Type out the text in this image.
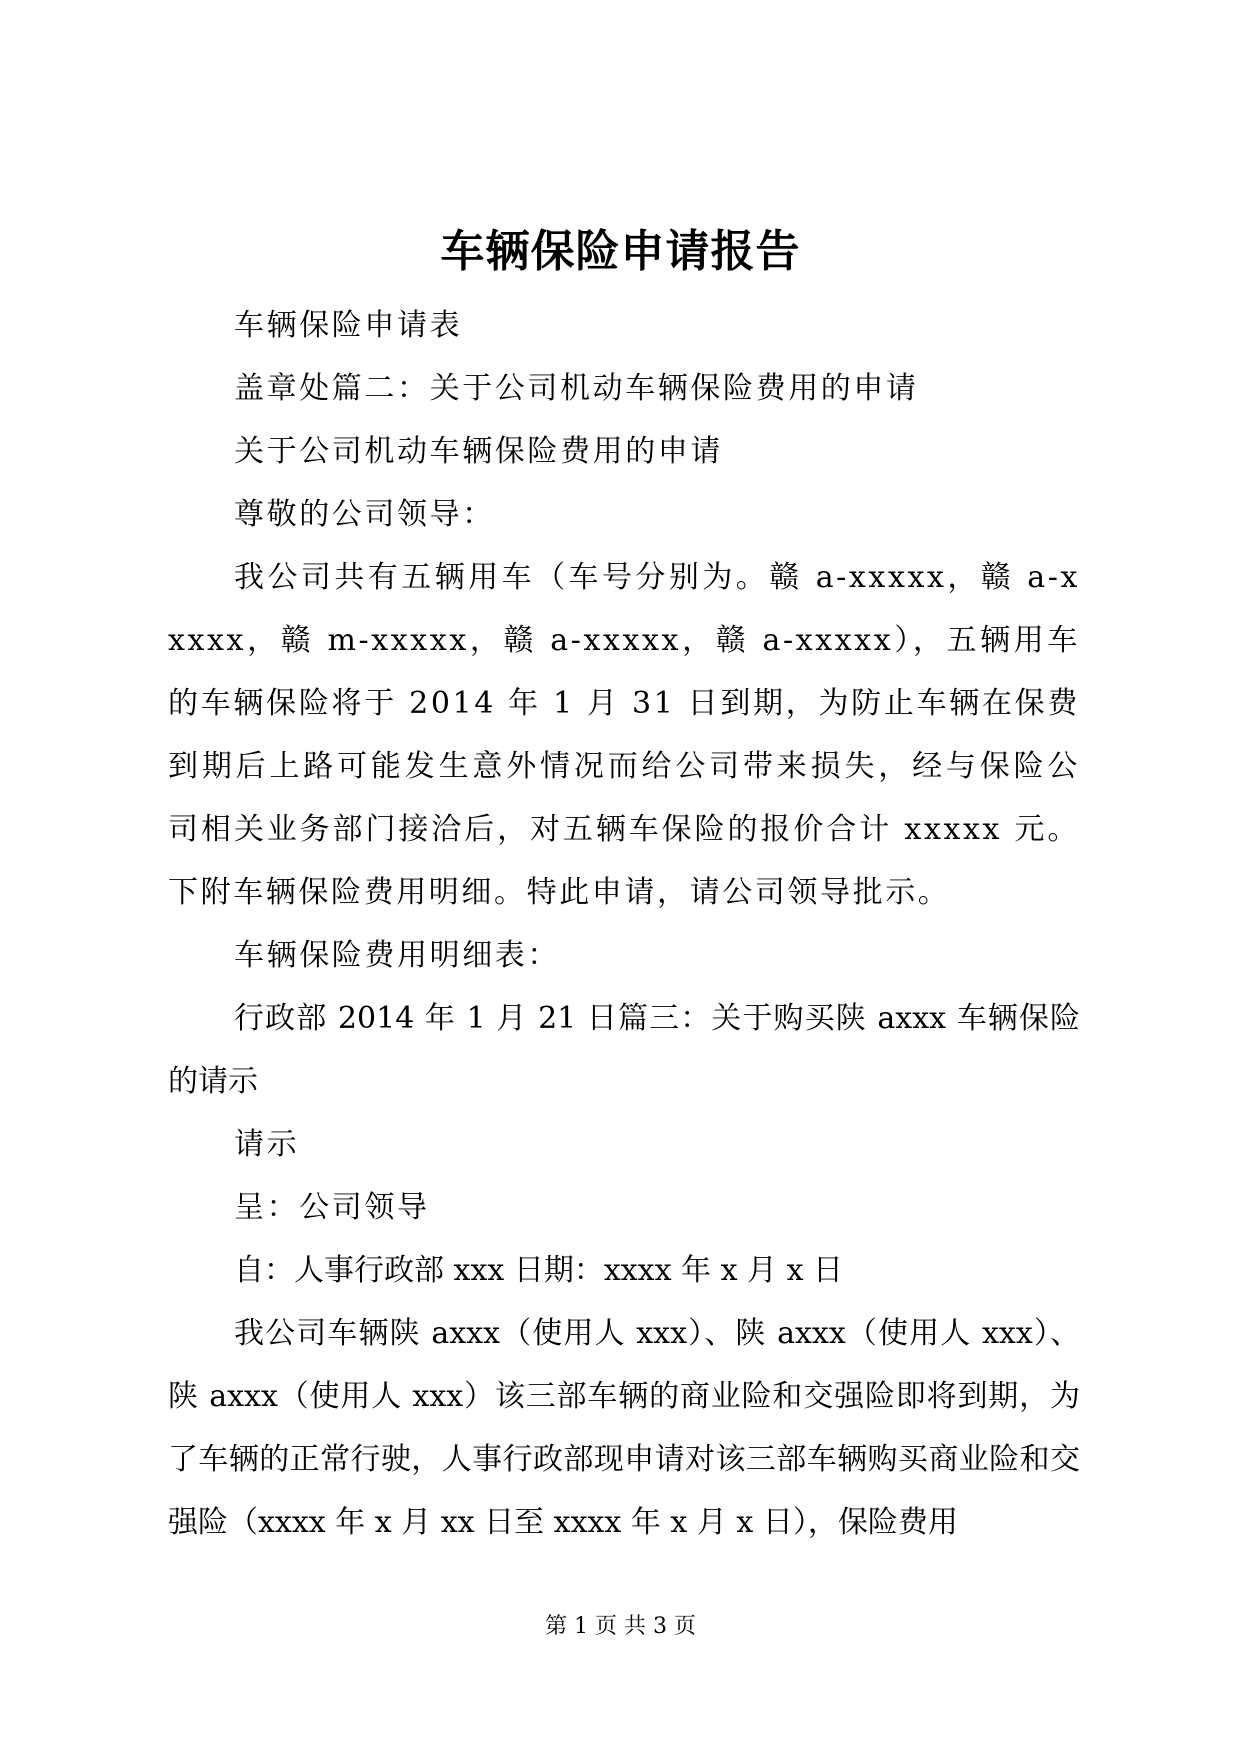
车辆保险申请报告

车辆保险申请表

盖章处篇二：关于公司机动车辆保险费用的申请

关于公司机动车辆保险费用的申请

尊敬的公司领导：

我公司共有五辆用车（车号分别为。赣 a-xxxxx，赣 a-xxxxx，赣 m-xxxxx，赣 a-xxxxx，赣 a-xxxxx），五辆用车的车辆保险将于 2014 年 1 月 31 日到期，为防止车辆在保费到期后上路可能发生意外情况而给公司带来损失，经与保险公司相关业务部门接洽后，对五辆车保险的报价合计 xxxxx 元。下附车辆保险费用明细。特此申请，请公司领导批示。

车辆保险费用明细表：

行政部 2014 年 1 月 21 日篇三：关于购买陕 axxx 车辆保险的请示

请示

呈：公司领导

自：人事行政部 xxx 日期：xxxx 年 x 月 x 日

我公司车辆陕 axxx（使用人 xxx）、陕 axxx（使用人 xxx）、陕 axxx（使用人 xxx）该三部车辆的商业险和交强险即将到期，为了车辆的正常行驶，人事行政部现申请对该三部车辆购买商业险和交强险（xxxx 年 x 月 xx 日至 xxxx 年 x 月 x 日），保险费用

第 1 页 共 3 页
